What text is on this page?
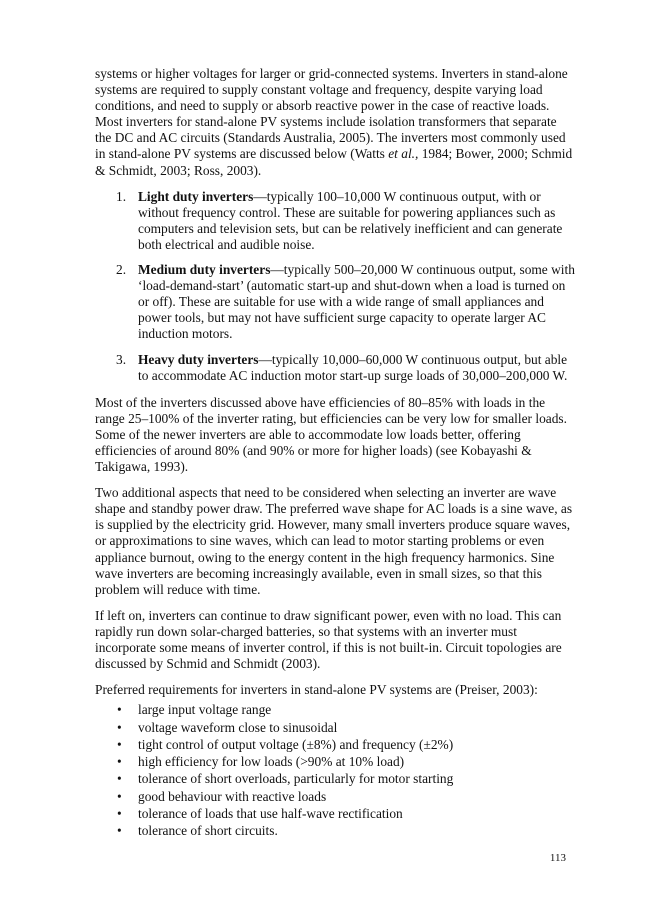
systems or higher voltages for larger or grid-connected systems. Inverters in stand-alone systems are required to supply constant voltage and frequency, despite varying load conditions, and need to supply or absorb reactive power in the case of reactive loads. Most inverters for stand-alone PV systems include isolation transformers that separate the DC and AC circuits (Standards Australia, 2005). The inverters most commonly used in stand-alone PV systems are discussed below (Watts et al., 1984; Bower, 2000; Schmid & Schmidt, 2003; Ross, 2003).

1. Light duty inverters—typically 100–10,000 W continuous output, with or without frequency control. These are suitable for powering appliances such as computers and television sets, but can be relatively inefficient and can generate both electrical and audible noise.

2. Medium duty inverters—typically 500–20,000 W continuous output, some with ‘load-demand-start’ (automatic start-up and shut-down when a load is turned on or off). These are suitable for use with a wide range of small appliances and power tools, but may not have sufficient surge capacity to operate larger AC induction motors.

3. Heavy duty inverters—typically 10,000–60,000 W continuous output, but able to accommodate AC induction motor start-up surge loads of 30,000–200,000 W.

Most of the inverters discussed above have efficiencies of 80–85% with loads in the range 25–100% of the inverter rating, but efficiencies can be very low for smaller loads. Some of the newer inverters are able to accommodate low loads better, offering efficiencies of around 80% (and 90% or more for higher loads) (see Kobayashi & Takigawa, 1993).

Two additional aspects that need to be considered when selecting an inverter are wave shape and standby power draw. The preferred wave shape for AC loads is a sine wave, as is supplied by the electricity grid. However, many small inverters produce square waves, or approximations to sine waves, which can lead to motor starting problems or even appliance burnout, owing to the energy content in the high frequency harmonics. Sine wave inverters are becoming increasingly available, even in small sizes, so that this problem will reduce with time.

If left on, inverters can continue to draw significant power, even with no load. This can rapidly run down solar-charged batteries, so that systems with an inverter must incorporate some means of inverter control, if this is not built-in. Circuit topologies are discussed by Schmid and Schmidt (2003).

Preferred requirements for inverters in stand-alone PV systems are (Preiser, 2003):

•	large input voltage range
•	voltage waveform close to sinusoidal
•	tight control of output voltage (±8%) and frequency (±2%)
•	high efficiency for low loads (>90% at 10% load)
•	tolerance of short overloads, particularly for motor starting
•	good behaviour with reactive loads
•	tolerance of loads that use half-wave rectification
•	tolerance of short circuits.
113
